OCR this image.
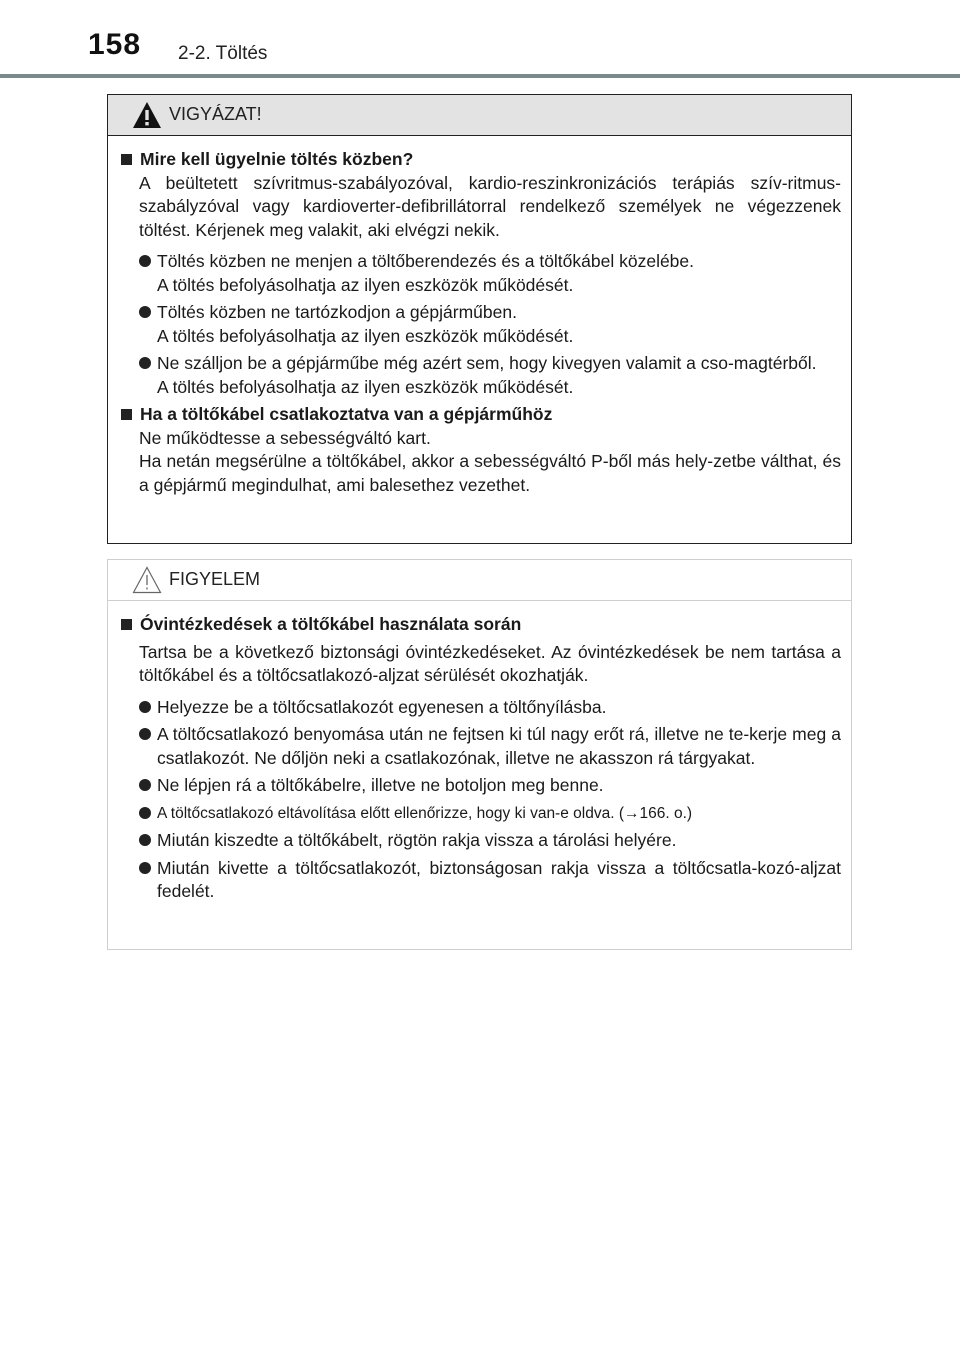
158 2-2. Töltés
VIGYÁZAT!
Mire kell ügyelnie töltés közben?
A beültetett szívritmus-szabályozóval, kardio-reszinkronizációs terápiás szív-ritmus-szabályzóval vagy kardioverter-defibrillátorral rendelkező személyek ne végezzenek töltést. Kérjenek meg valakit, aki elvégzi nekik.
Töltés közben ne menjen a töltőberendezés és a töltőkábel közelébe.
A töltés befolyásolhatja az ilyen eszközök működését.
Töltés közben ne tartózkodjon a gépjárműben.
A töltés befolyásolhatja az ilyen eszközök működését.
Ne szálljon be a gépjárműbe még azért sem, hogy kivegyen valamit a cso-magtérből.
A töltés befolyásolhatja az ilyen eszközök működését.
Ha a töltőkábel csatlakoztatva van a gépjárműhöz
Ne működtesse a sebességváltó kart.
Ha netán megsérülne a töltőkábel, akkor a sebességváltó P-ből más hely-zetbe válthat, és a gépjármű megindulhat, ami balesethez vezethet.
FIGYELEM
Óvintézkedések a töltőkábel használata során
Tartsa be a következő biztonsági óvintézkedéseket. Az óvintézkedések be nem tartása a töltőkábel és a töltőcsatlakozó-aljzat sérülését okozhatják.
Helyezze be a töltőcsatlakozót egyenesen a töltőnyílásba.
A töltőcsatlakozó benyomása után ne fejtsen ki túl nagy erőt rá, illetve ne te-kerje meg a csatlakozót. Ne dőljön neki a csatlakozónak, illetve ne akasszon rá tárgyakat.
Ne lépjen rá a töltőkábelre, illetve ne botoljon meg benne.
A töltőcsatlakozó eltávolítása előtt ellenőrizze, hogy ki van-e oldva. (→166. o.)
Miután kiszedte a töltőkábelt, rögtön rakja vissza a tárolási helyére.
Miután kivette a töltőcsatlakozót, biztonságosan rakja vissza a töltőcsatla-kozó-aljzat fedelét.
